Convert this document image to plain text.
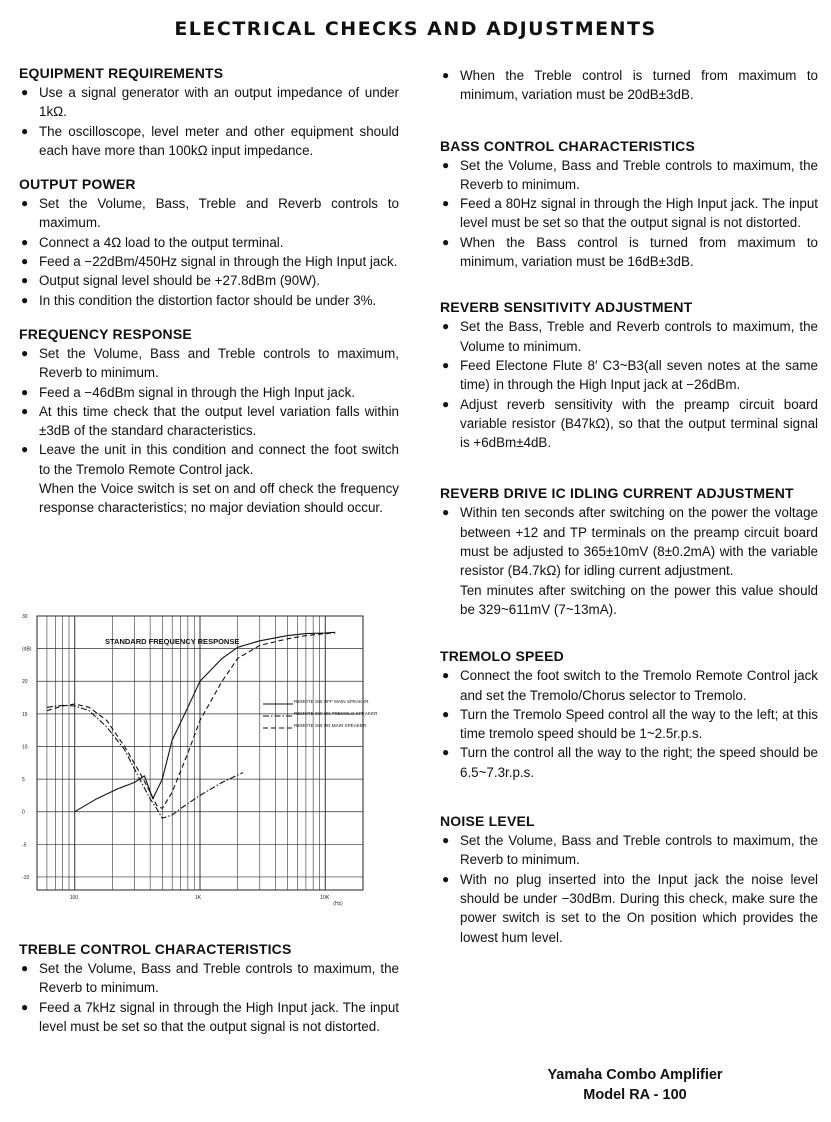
ELECTRICAL CHECKS AND ADJUSTMENTS

EQUIPMENT REQUIREMENTS

● Use a signal generator with an output impedance of under 1kΩ.
● The oscilloscope, level meter and other equipment should each have more than 100kΩ input impedance.

OUTPUT POWER

● Set the Volume, Bass, Treble and Reverb controls to maximum.
● Connect a 4Ω load to the output terminal.
● Feed a −22dBm/450Hz signal in through the High Input jack.
● Output signal level should be +27.8dBm (90W).
● In this condition the distortion factor should be under 3%.

FREQUENCY RESPONSE

● Set the Volume, Bass and Treble controls to maximum, Reverb to minimum.
● Feed a −46dBm signal in through the High Input jack.
● At this time check that the output level variation falls within ±3dB of the standard characteristics.
● Leave the unit in this condition and connect the foot switch to the Tremolo Remote Control jack.
When the Voice switch is set on and off check the frequency response characteristics; no major deviation should occur.
30
(dB)
20
15
10
5
0
-5
-10
100	1K	10K
(Hz)
STANDARD FREQUENCY RESPONSE
REMOTE SW OFF MAIN SPEAKER
REMOTE SW ON TREMOLO SPEAKER
REMOTE SW ON MAIN SPEAKER

TREBLE CONTROL CHARACTERISTICS

● Set the Volume, Bass and Treble controls to maximum, the Reverb to minimum.
● Feed a 7kHz signal in through the High Input jack. The input level must be set so that the output signal is not distorted.
● When the Treble control is turned from maximum to minimum, variation must be 20dB±3dB.

BASS CONTROL CHARACTERISTICS

● Set the Volume, Bass and Treble controls to maximum, the Reverb to minimum.
● Feed a 80Hz signal in through the High Input jack. The input level must be set so that the output signal is not distorted.
● When the Bass control is turned from maximum to minimum, variation must be 16dB±3dB.

REVERB SENSITIVITY ADJUSTMENT

● Set the Bass, Treble and Reverb controls to maximum, the Volume to minimum.
● Feed Electone Flute 8′ C3~B3(all seven notes at the same time) in through the High Input jack at −26dBm.
● Adjust reverb sensitivity with the preamp circuit board variable resistor (B47kΩ), so that the output terminal signal is +6dBm±4dB.

REVERB DRIVE IC IDLING CURRENT ADJUSTMENT

● Within ten seconds after switching on the power the voltage between +12 and TP terminals on the preamp circuit board must be adjusted to 365±10mV (8±0.2mA) with the variable resistor (B4.7kΩ) for idling current adjustment.
Ten minutes after switching on the power this value should be 329~611mV (7~13mA).

TREMOLO SPEED

● Connect the foot switch to the Tremolo Remote Control jack and set the Tremolo/Chorus selector to Tremolo.
● Turn the Tremolo Speed control all the way to the left; at this time tremolo speed should be 1~2.5r.p.s.
● Turn the control all the way to the right; the speed should be 6.5~7.3r.p.s.

NOISE LEVEL

● Set the Volume, Bass and Treble controls to maximum, the Reverb to minimum.
● With no plug inserted into the Input jack the noise level should be under −30dBm. During this check, make sure the power switch is set to the On position which provides the lowest hum level.
Yamaha Combo Amplifier
Model RA - 100
